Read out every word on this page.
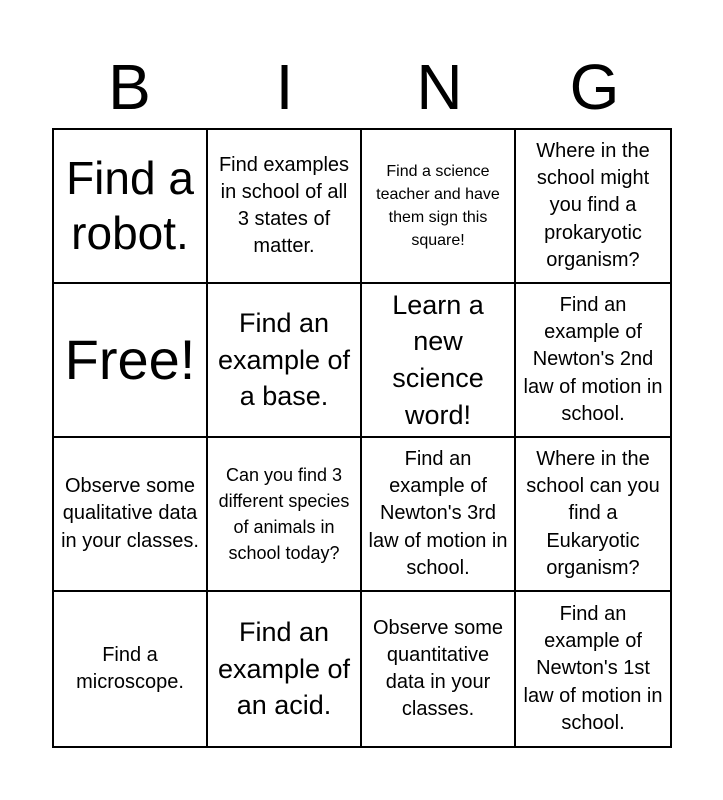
B	I	N	G
Find a robot.
Find examples in school of all 3 states of matter.
Find a science teacher and have them sign this square!
Where in the school might you find a prokaryotic organism?
Free!
Find an example of a base.
Learn a new science word!
Find an example of Newton's 2nd law of motion in school.
Observe some qualitative data in your classes.
Can you find 3 different species of animals in school today?
Find an example of Newton's 3rd law of motion in school.
Where in the school can you find a Eukaryotic organism?
Find a microscope.
Find an example of an acid.
Observe some quantitative data in your classes.
Find an example of Newton's 1st law of motion in school.
